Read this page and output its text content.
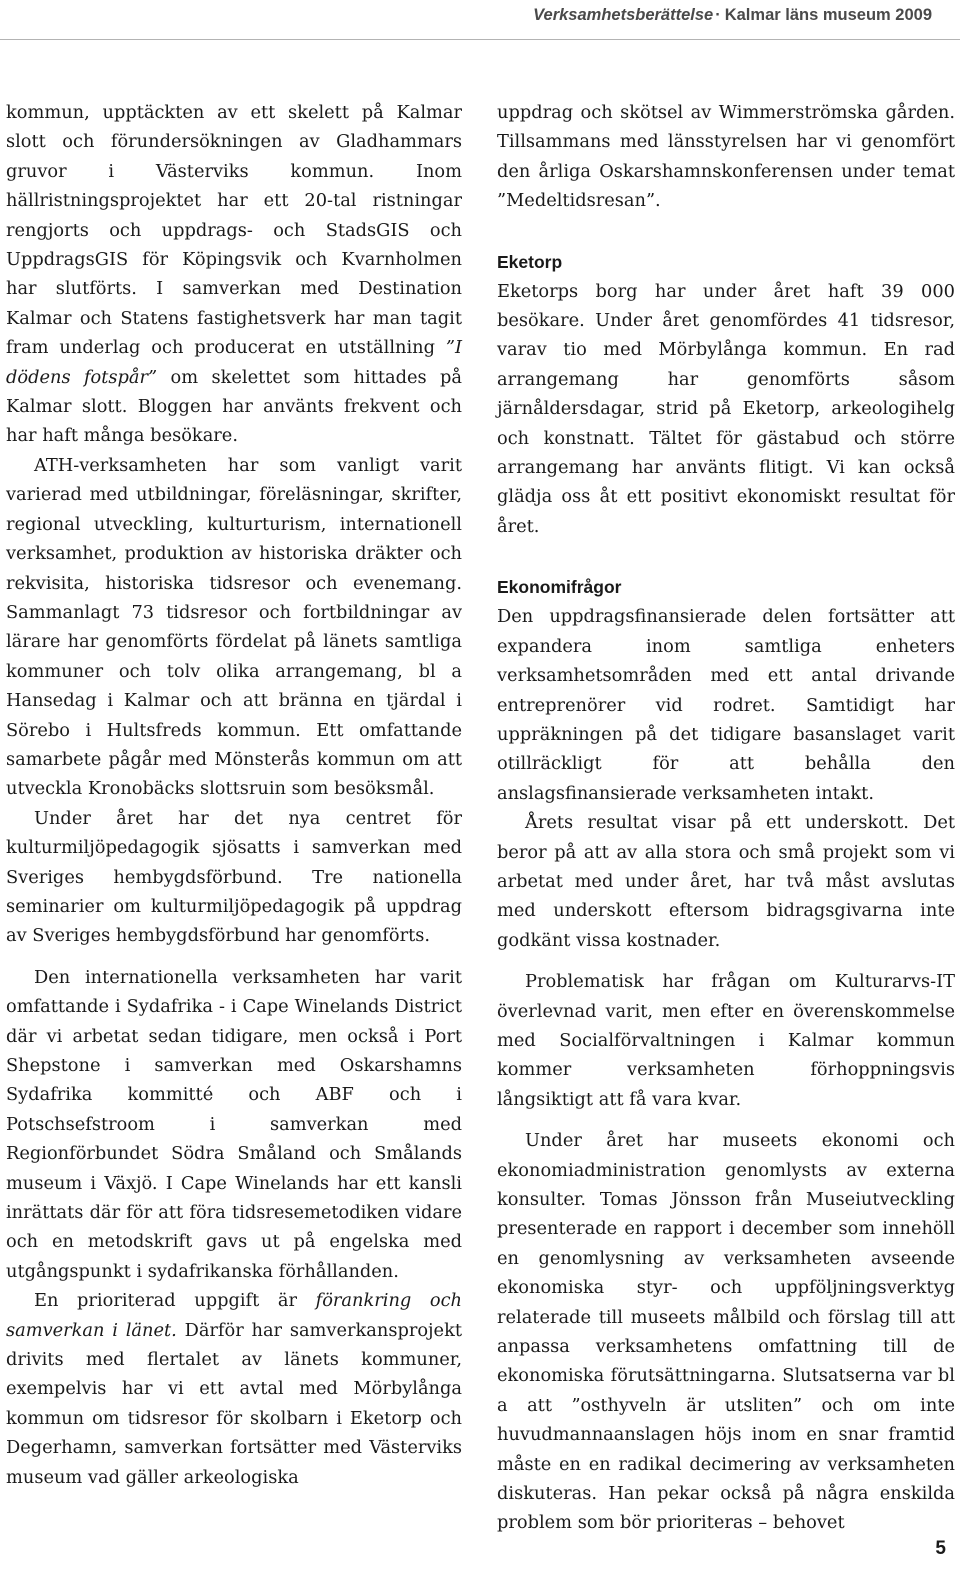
Verksamhetsberättelse · Kalmar läns museum 2009

kommun, upptäckten av ett skelett på Kalmar slott och förundersökningen av Gladhammars gruvor i Västerviks kommun. Inom hällristningsprojektet har ett 20-tal ristningar rengjorts och uppdrags- och StadsGIS och UppdragsGIS för Köpingsvik och Kvarnholmen har slutförts. I samverkan med Destination Kalmar och Statens fastighetsverk har man tagit fram underlag och producerat en utställning ”I dödens fotspår” om skelettet som hittades på Kalmar slott. Bloggen har använts frekvent och har haft många besökare.

ATH-verksamheten har som vanligt varit varierad med utbildningar, föreläsningar, skrifter, regional utveckling, kulturturism, internationell verksamhet, produktion av historiska dräkter och rekvisita, historiska tidsresor och evenemang. Sammanlagt 73 tidsresor och fortbildningar av lärare har genomförts fördelat på länets samtliga kommuner och tolv olika arrangemang, bl a Hansedag i Kalmar och att bränna en tjärdal i Sörebo i Hultsfreds kommun. Ett omfattande samarbete pågår med Mönsterås kommun om att utveckla Kronobäcks slottsruin som besöksmål.

Under året har det nya centret för kulturmiljöpedagogik sjösatts i samverkan med Sveriges hembygdsförbund. Tre nationella seminarier om kulturmiljöpedagogik på uppdrag av Sveriges hembygdsförbund har genomförts.

Den internationella verksamheten har varit omfattande i Sydafrika - i Cape Winelands District där vi arbetat sedan tidigare, men också i Port Shepstone i samverkan med Oskarshamns Sydafrika kommitté och ABF och i Potschsefstroom i samverkan med Regionförbundet Södra Småland och Smålands museum i Växjö. I Cape Winelands har ett kansli inrättats där för att föra tidsresemetodiken vidare och en metodskrift gavs ut på engelska med utgångspunkt i sydafrikanska förhållanden.

En prioriterad uppgift är förankring och samverkan i länet. Därför har samverkansprojekt drivits med flertalet av länets kommuner, exempelvis har vi ett avtal med Mörbylånga kommun om tidsresor för skolbarn i Eketorp och Degerhamn, samverkan fortsätter med Västerviks museum vad gäller arkeologiska

uppdrag och skötsel av Wimmerströmska gården. Tillsammans med länsstyrelsen har vi genomfört den årliga Oskarshamnskonferensen under temat ”Medeltidsresan”.

Eketorp

Eketorps borg har under året haft 39 000 besökare. Under året genomfördes 41 tidsresor, varav tio med Mörbylånga kommun. En rad arrangemang har genomförts såsom järnåldersdagar, strid på Eketorp, arkeologihelg och konstnatt. Tältet för gästabud och större arrangemang har använts flitigt. Vi kan också glädja oss åt ett positivt ekonomiskt resultat för året.

Ekonomifrågor

Den uppdragsfinansierade delen fortsätter att expandera inom samtliga enheters verksamhetsområden med ett antal drivande entreprenörer vid rodret. Samtidigt har uppräkningen på det tidigare basanslaget varit otillräckligt för att behålla den anslagsfinansierade verksamheten intakt.

Årets resultat visar på ett underskott. Det beror på att av alla stora och små projekt som vi arbetat med under året, har två måst avslutas med underskott eftersom bidragsgivarna inte godkänt vissa kostnader.

Problematisk har frågan om Kulturarvs-IT överlevnad varit, men efter en överenskommelse med Socialförvaltningen i Kalmar kommun kommer verksamheten förhoppningsvis långsiktigt att få vara kvar.

Under året har museets ekonomi och ekonomiadministration genomlysts av externa konsulter. Tomas Jönsson från Museiutveckling presenterade en rapport i december som innehöll en genomlysning av verksamheten avseende ekonomiska styr- och uppföljningsverktyg relaterade till museets målbild och förslag till att anpassa verksamhetens omfattning till de ekonomiska förutsättningarna. Slutsatserna var bl a att ”osthyveln är utsliten” och om inte huvudmannaanslagen höjs inom en snar framtid måste en en radikal decimering av verksamheten diskuteras. Han pekar också på några enskilda problem som bör prioriteras – behovet

5
